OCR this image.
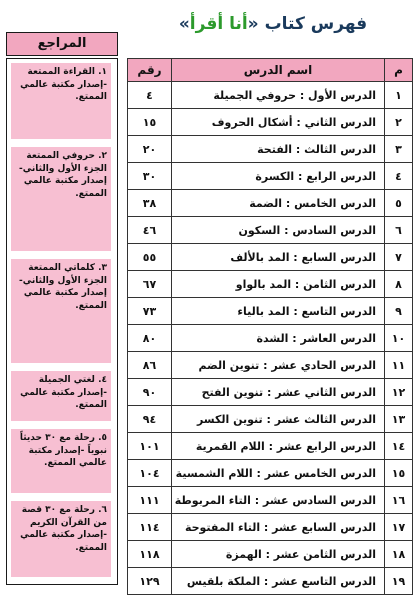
فهرس كتاب «أنا أقرأ»
م	اسم الدرس	رقم
١	الدرس الأول : حروفي الجميلة	٤
٢	الدرس الثاني : أشكال الحروف	١٥
٣	الدرس الثالث : الفتحة	٢٠
٤	الدرس الرابع : الكسرة	٣٠
٥	الدرس الخامس : الضمة	٣٨
٦	الدرس السادس : السكون	٤٦
٧	الدرس السابع : المد بالألف	٥٥
٨	الدرس الثامن : المد بالواو	٦٧
٩	الدرس التاسع : المد بالياء	٧٣
١٠	الدرس العاشر : الشدة	٨٠
١١	الدرس الحادي عشر : تنوين الضم	٨٦
١٢	الدرس الثاني عشر : تنوين الفتح	٩٠
١٣	الدرس الثالث عشر : تنوين الكسر	٩٤
١٤	الدرس الرابع عشر : اللام القمرية	١٠١
١٥	الدرس الخامس عشر : اللام الشمسية	١٠٤
١٦	الدرس السادس عشر : التاء المربوطة	١١١
١٧	الدرس السابع عشر : التاء المفتوحة	١١٤
١٨	الدرس الثامن عشر : الهمزة	١١٨
١٩	الدرس التاسع عشر : الملكة بلقيس	١٢٩
المراجع
١. القراءة الممتعة -إصدار مكتبة عالمي الممتع.
٢. حروفي الممتعة الجزء الأول والثاني-إصدار مكتبة عالمي الممتع.
٣. كلماتي الممتعة الجزء الأول والثاني-إصدار مكتبة عالمي الممتع.
٤. لغتي الجميلة -إصدار مكتبة عالمي الممتع.
٥. رحلة مع ٣٠ حديثاً نبوياً -إصدار مكتبة عالمي الممتع.
٦. رحلة مع ٣٠ قصة من القرآن الكريم -إصدار مكتبة عالمي الممتع.
